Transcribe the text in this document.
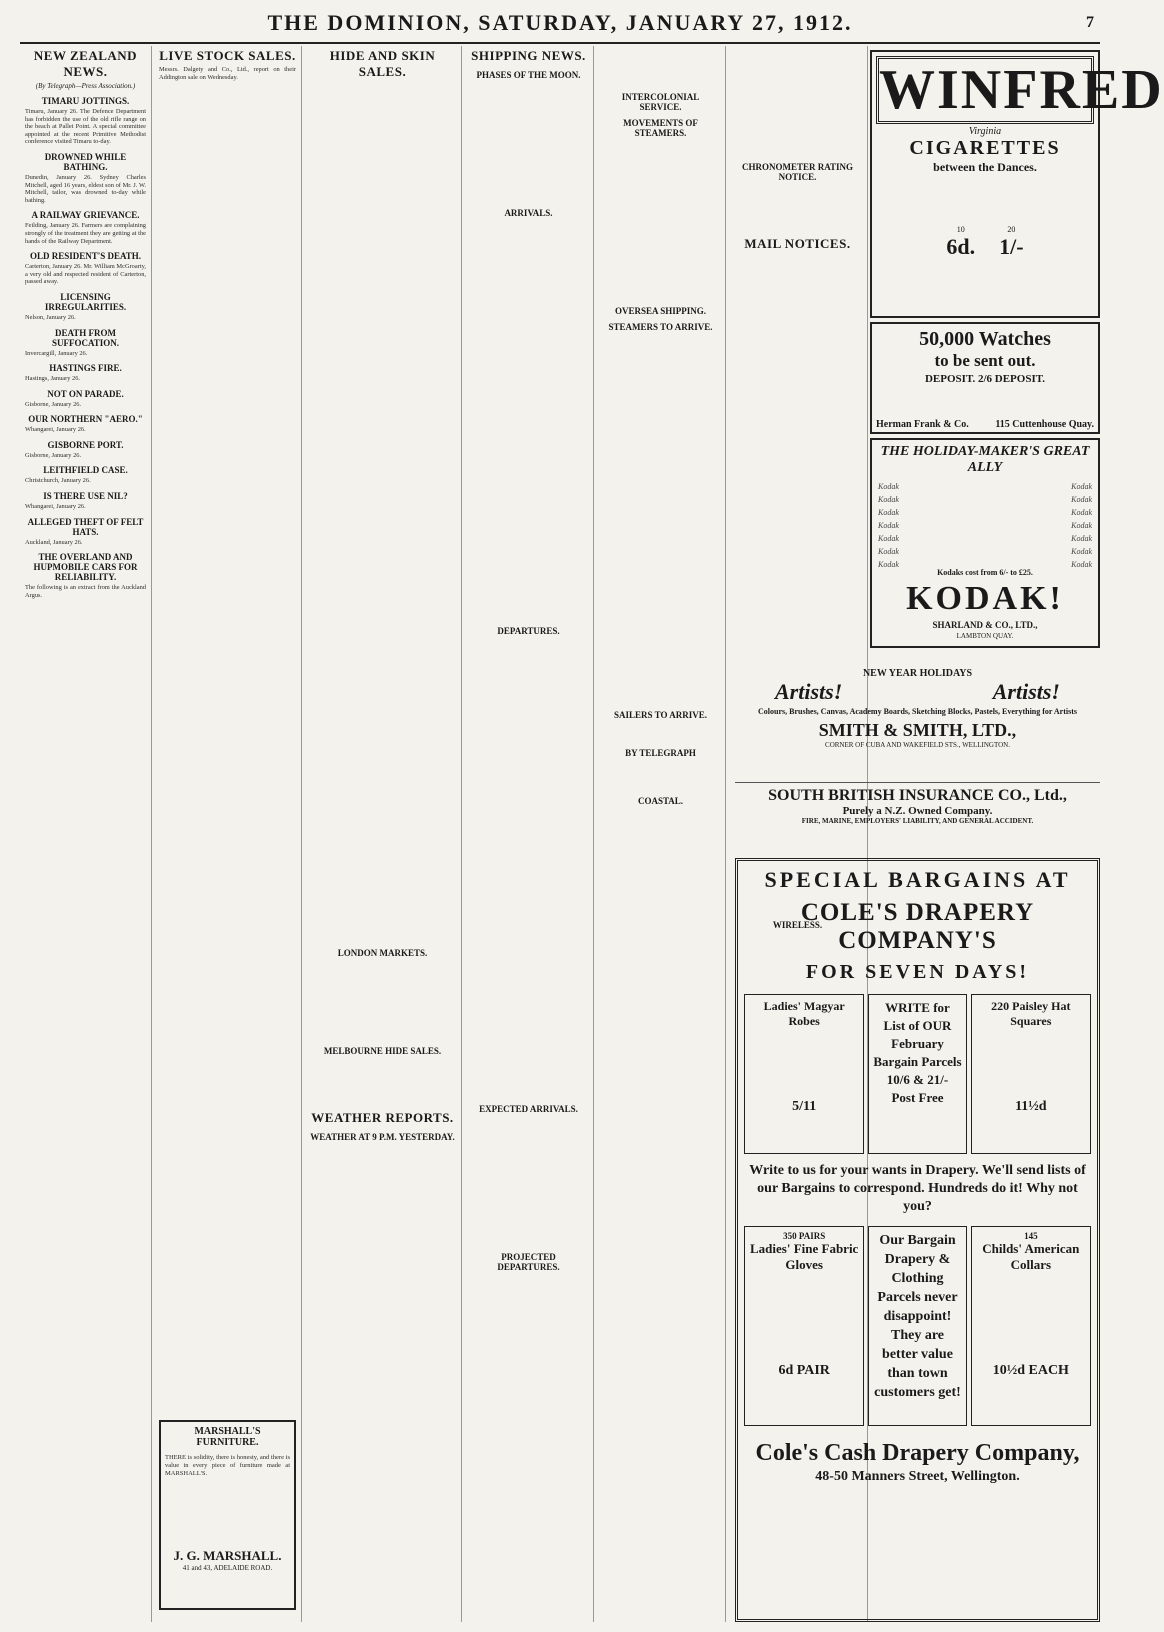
THE DOMINION, SATURDAY, JANUARY 27, 1912.	7
NEW ZEALAND NEWS.
(By Telegraph—Press Association.)
TIMARU JOTTINGS.

Timaru, January 26. The Defence Department has forbidden the use of the old rifle range on the beach at Pallet Point. A special committee appointed at the recent Primitive Methodist conference visited Timaru to-day.

DROWNED WHILE BATHING.

Dunedin, January 26. Sydney Charles Mitchell, aged 16 years, eldest son of Mr. J. W. Mitchell, tailor, was drowned to-day while bathing.

A RAILWAY GRIEVANCE.

Feilding, January 26. Farmers are complaining strongly of the treatment they are getting at the hands of the Railway Department.

OLD RESIDENT'S DEATH.

Carterton, January 26. Mr. William McGroarty, a very old and respected resident of Carterton, passed away.

LICENSING IRREGULARITIES.

Nelson, January 26.

DEATH FROM SUFFOCATION.

Invercargill, January 26.

HASTINGS FIRE.

Hastings, January 26.

NOT ON PARADE.

Gisborne, January 26.

OUR NORTHERN "AERO."

Whangarei, January 26.

GISBORNE PORT.

Gisborne, January 26.

LEITHFIELD CASE.

Christchurch, January 26.

IS THERE USE NIL?

Whangarei, January 26.

ALLEGED THEFT OF FELT HATS.

Auckland, January 26.

THE OVERLAND AND HUPMOBILE CARS FOR RELIABILITY.

The following is an extract from the Auckland Argus.

LIVE STOCK SALES.

Messrs. Dalgety and Co., Ltd., report on their Addington sale on Wednesday.

MARSHALL'S FURNITURE.

THERE is solidity, there is honesty, and there is value in every piece of furniture made at MARSHALL'S.

J. G. MARSHALL.
41 and 43, ADELAIDE ROAD.
HIDE AND SKIN SALES.
LONDON MARKETS.
MELBOURNE HIDE SALES.
WEATHER REPORTS.
WEATHER AT 9 P.M. YESTERDAY.
SHIPPING NEWS.
PHASES OF THE MOON.
ARRIVALS.
DEPARTURES.
EXPECTED ARRIVALS.
PROJECTED DEPARTURES.
INTERCOLONIAL SERVICE.
MOVEMENTS OF STEAMERS.
OVERSEA SHIPPING.
STEAMERS TO ARRIVE.
SAILERS TO ARRIVE.
BY TELEGRAPH
COASTAL.
CHRONOMETER RATING NOTICE.
MAIL NOTICES.
WIRELESS.
WINFRED
Virginia
CIGARETTES
between the Dances.
10
6d.
20
1/-
50,000 Watches
to be sent out.
DEPOSIT. 2/6 DEPOSIT.
Herman Frank & Co.	115 Cuttenhouse Quay.
THE HOLIDAY-MAKER'S GREAT ALLY
Kodak
Kodak
Kodak
Kodak
Kodak
Kodak
Kodak
Kodak
Kodak
Kodak
Kodak
Kodak
Kodak
Kodak
Kodaks cost from 6/- to £25.
KODAK!
SHARLAND & CO., LTD.,
LAMBTON QUAY.
NEW YEAR HOLIDAYS
Artists!	Artists!
Colours, Brushes, Canvas, Academy Boards, Sketching Blocks, Pastels, Everything for Artists
SMITH & SMITH, LTD.,
CORNER OF CUBA AND WAKEFIELD STS., WELLINGTON.
SOUTH BRITISH INSURANCE CO., Ltd.,
Purely a N.Z. Owned Company.
FIRE, MARINE, EMPLOYERS' LIABILITY, AND GENERAL ACCIDENT.
SPECIAL BARGAINS AT
COLE'S DRAPERY COMPANY'S
FOR SEVEN DAYS!
Ladies' Magyar Robes
5/11
WRITE for List of OUR February Bargain Parcels 10/6 & 21/- Post Free
220 Paisley Hat Squares
11½d
Write to us for your wants in Drapery. We'll send lists of our Bargains to correspond. Hundreds do it! Why not you?
350 PAIRS
Ladies' Fine Fabric Gloves
6d PAIR
Our Bargain Drapery & Clothing Parcels never disappoint! They are better value than town customers get!
145
Childs' American Collars
10½d EACH
Cole's Cash Drapery Company,
48-50 Manners Street, Wellington.
